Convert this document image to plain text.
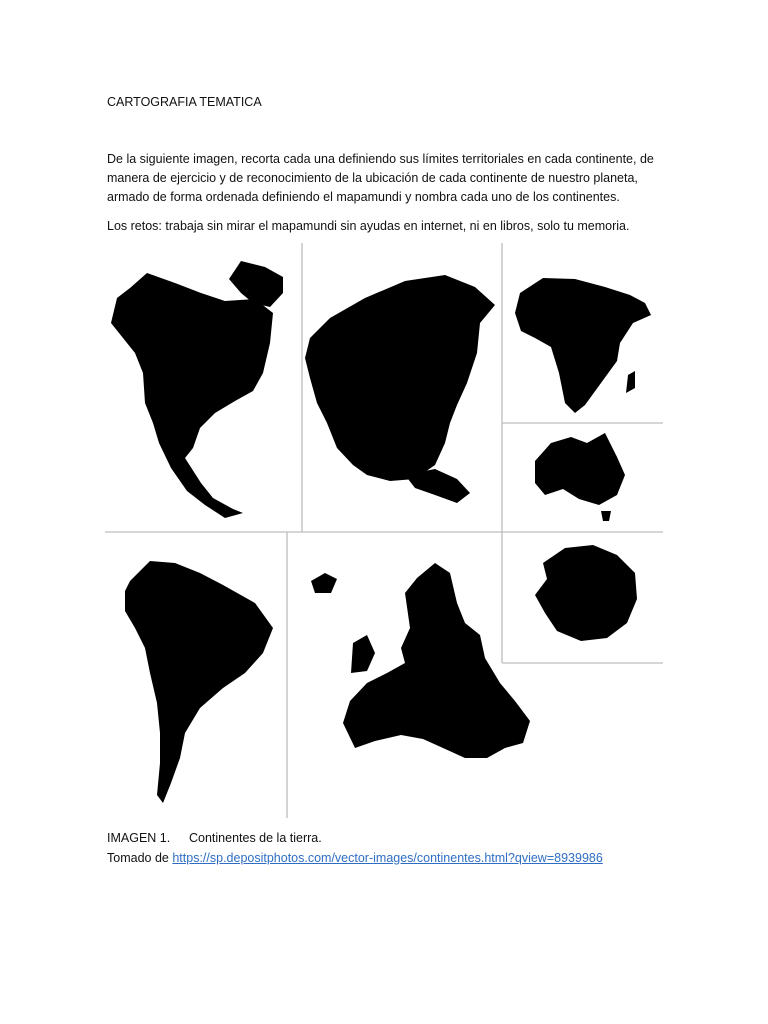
CARTOGRAFIA TEMATICA
De la siguiente imagen, recorta cada una definiendo sus límites territoriales en cada continente, de manera de ejercicio y de reconocimiento de la ubicación de cada continente de nuestro planeta, armado de forma ordenada definiendo el mapamundi y nombra cada uno de los continentes.
Los retos: trabaja sin mirar el mapamundi sin ayudas en internet, ni en libros, solo tu memoria.
IMAGEN 1. Continentes de la tierra.
Tomado de https://sp.depositphotos.com/vector-images/continentes.html?qview=8939986
